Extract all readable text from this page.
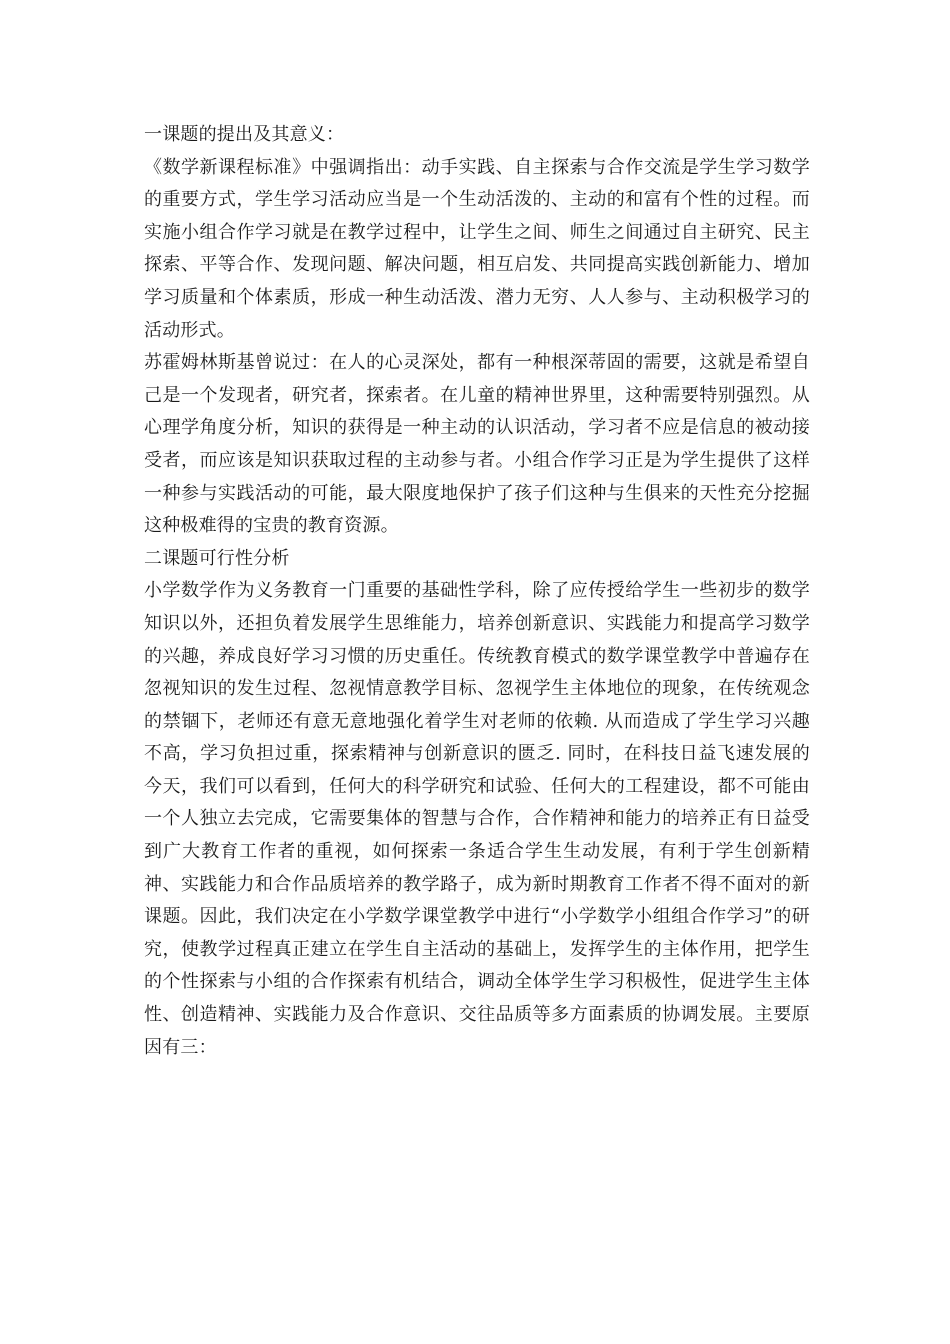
一课题的提出及其意义：

《数学新课程标准》中强调指出：动手实践、自主探索与合作交流是学生学习数学的重要方式，学生学习活动应当是一个生动活泼的、主动的和富有个性的过程。而实施小组合作学习就是在教学过程中，让学生之间、师生之间通过自主研究、民主探索、平等合作、发现问题、解决问题，相互启发、共同提高实践创新能力、增加学习质量和个体素质，形成一种生动活泼、潜力无穷、人人参与、主动积极学习的活动形式。

苏霍姆林斯基曾说过：在人的心灵深处，都有一种根深蒂固的需要，这就是希望自己是一个发现者，研究者，探索者。在儿童的精神世界里，这种需要特别强烈。从心理学角度分析，知识的获得是一种主动的认识活动，学习者不应是信息的被动接受者，而应该是知识获取过程的主动参与者。小组合作学习正是为学生提供了这样一种参与实践活动的可能，最大限度地保护了孩子们这种与生俱来的天性充分挖掘这种极难得的宝贵的教育资源。

二课题可行性分析

小学数学作为义务教育一门重要的基础性学科，除了应传授给学生一些初步的数学知识以外，还担负着发展学生思维能力，培养创新意识、实践能力和提高学习数学的兴趣，养成良好学习习惯的历史重任。传统教育模式的数学课堂教学中普遍存在忽视知识的发生过程、忽视情意教学目标、忽视学生主体地位的现象，在传统观念的禁锢下，老师还有意无意地强化着学生对老师的依赖. 从而造成了学生学习兴趣不高，学习负担过重，探索精神与创新意识的匮乏. 同时，在科技日益飞速发展的今天，我们可以看到，任何大的科学研究和试验、任何大的工程建设，都不可能由一个人独立去完成，它需要集体的智慧与合作，合作精神和能力的培养正有日益受到广大教育工作者的重视，如何探索一条适合学生生动发展，有利于学生创新精神、实践能力和合作品质培养的教学路子，成为新时期教育工作者不得不面对的新课题。因此，我们决定在小学数学课堂教学中进行“小学数学小组组合作学习”的研究，使教学过程真正建立在学生自主活动的基础上，发挥学生的主体作用，把学生的个性探索与小组的合作探索有机结合，调动全体学生学习积极性，促进学生主体性、创造精神、实践能力及合作意识、交往品质等多方面素质的协调发展。主要原因有三：
